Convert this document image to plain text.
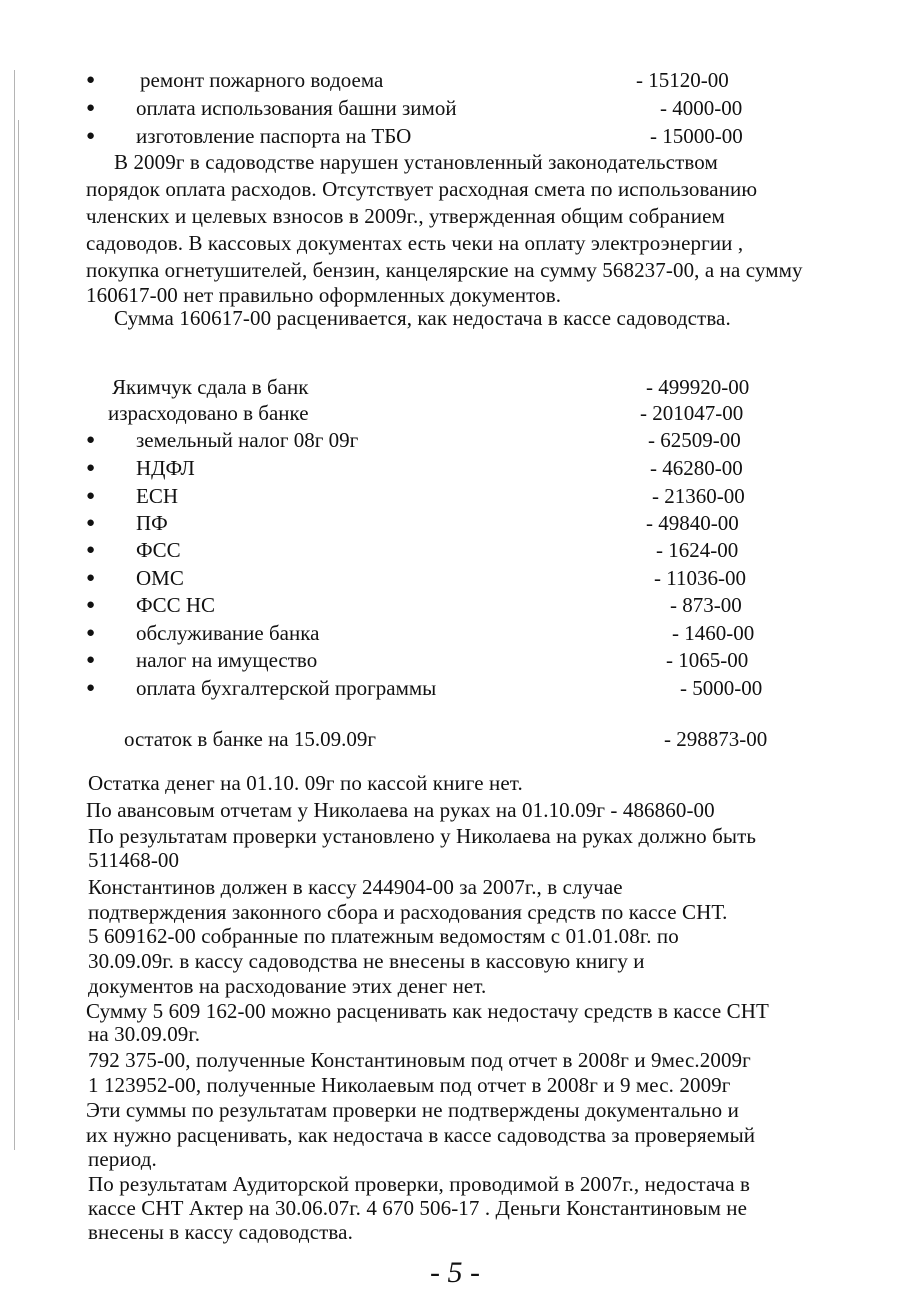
● ремонт пожарного водоема	- 15120-00
● оплата использования башни зимой	- 4000-00
● изготовление паспорта на ТБО	- 15000-00
В 2009г в садоводстве нарушен установленный законодательством
порядок оплата расходов. Отсутствует расходная смета по использованию
членских и целевых взносов в 2009г., утвержденная общим собранием
садоводов. В кассовых документах есть чеки на оплату электроэнергии ,
покупка огнетушителей, бензин, канцелярские на сумму 568237-00, а на сумму
160617-00 нет правильно оформленных документов.
Сумма 160617-00 расценивается, как недостача в кассе садоводства.
Якимчук сдала в банк	- 499920-00
израсходовано в банке	- 201047-00
● земельный налог 08г 09г	- 62509-00
● НДФЛ	- 46280-00
● ЕСН	- 21360-00
● ПФ	- 49840-00
● ФСС	- 1624-00
● ОМС	- 11036-00
● ФСС НС	- 873-00
● обслуживание банка	- 1460-00
● налог на имущество	- 1065-00
● оплата бухгалтерской программы	- 5000-00
остаток в банке на 15.09.09г	- 298873-00
Остатка денег на 01.10. 09г по кассой книге нет.
По авансовым отчетам у Николаева на руках на 01.10.09г - 486860-00
По результатам проверки установлено у Николаева на руках должно быть
511468-00
Константинов должен в кассу 244904-00 за 2007г., в случае
подтверждения законного сбора и расходования средств по кассе СНТ.
5 609162-00 собранные по платежным ведомостям с 01.01.08г. по
30.09.09г. в кассу садоводства не внесены в кассовую книгу и
документов на расходование этих денег нет.
Сумму 5 609 162-00 можно расценивать как недостачу средств в кассе СНТ
на 30.09.09г.
792 375-00, полученные Константиновым под отчет в 2008г и 9мес.2009г
1 123952-00, полученные Николаевым под отчет в 2008г и 9 мес. 2009г
Эти суммы по результатам проверки не подтверждены документально и
их нужно расценивать, как недостача в кассе садоводства за проверяемый
период.
По результатам Аудиторской проверки, проводимой в 2007г., недостача в
кассе СНТ Актер на 30.06.07г. 4 670 506-17 . Деньги Константиновым не
внесены в кассу садоводства.
- 5 -
